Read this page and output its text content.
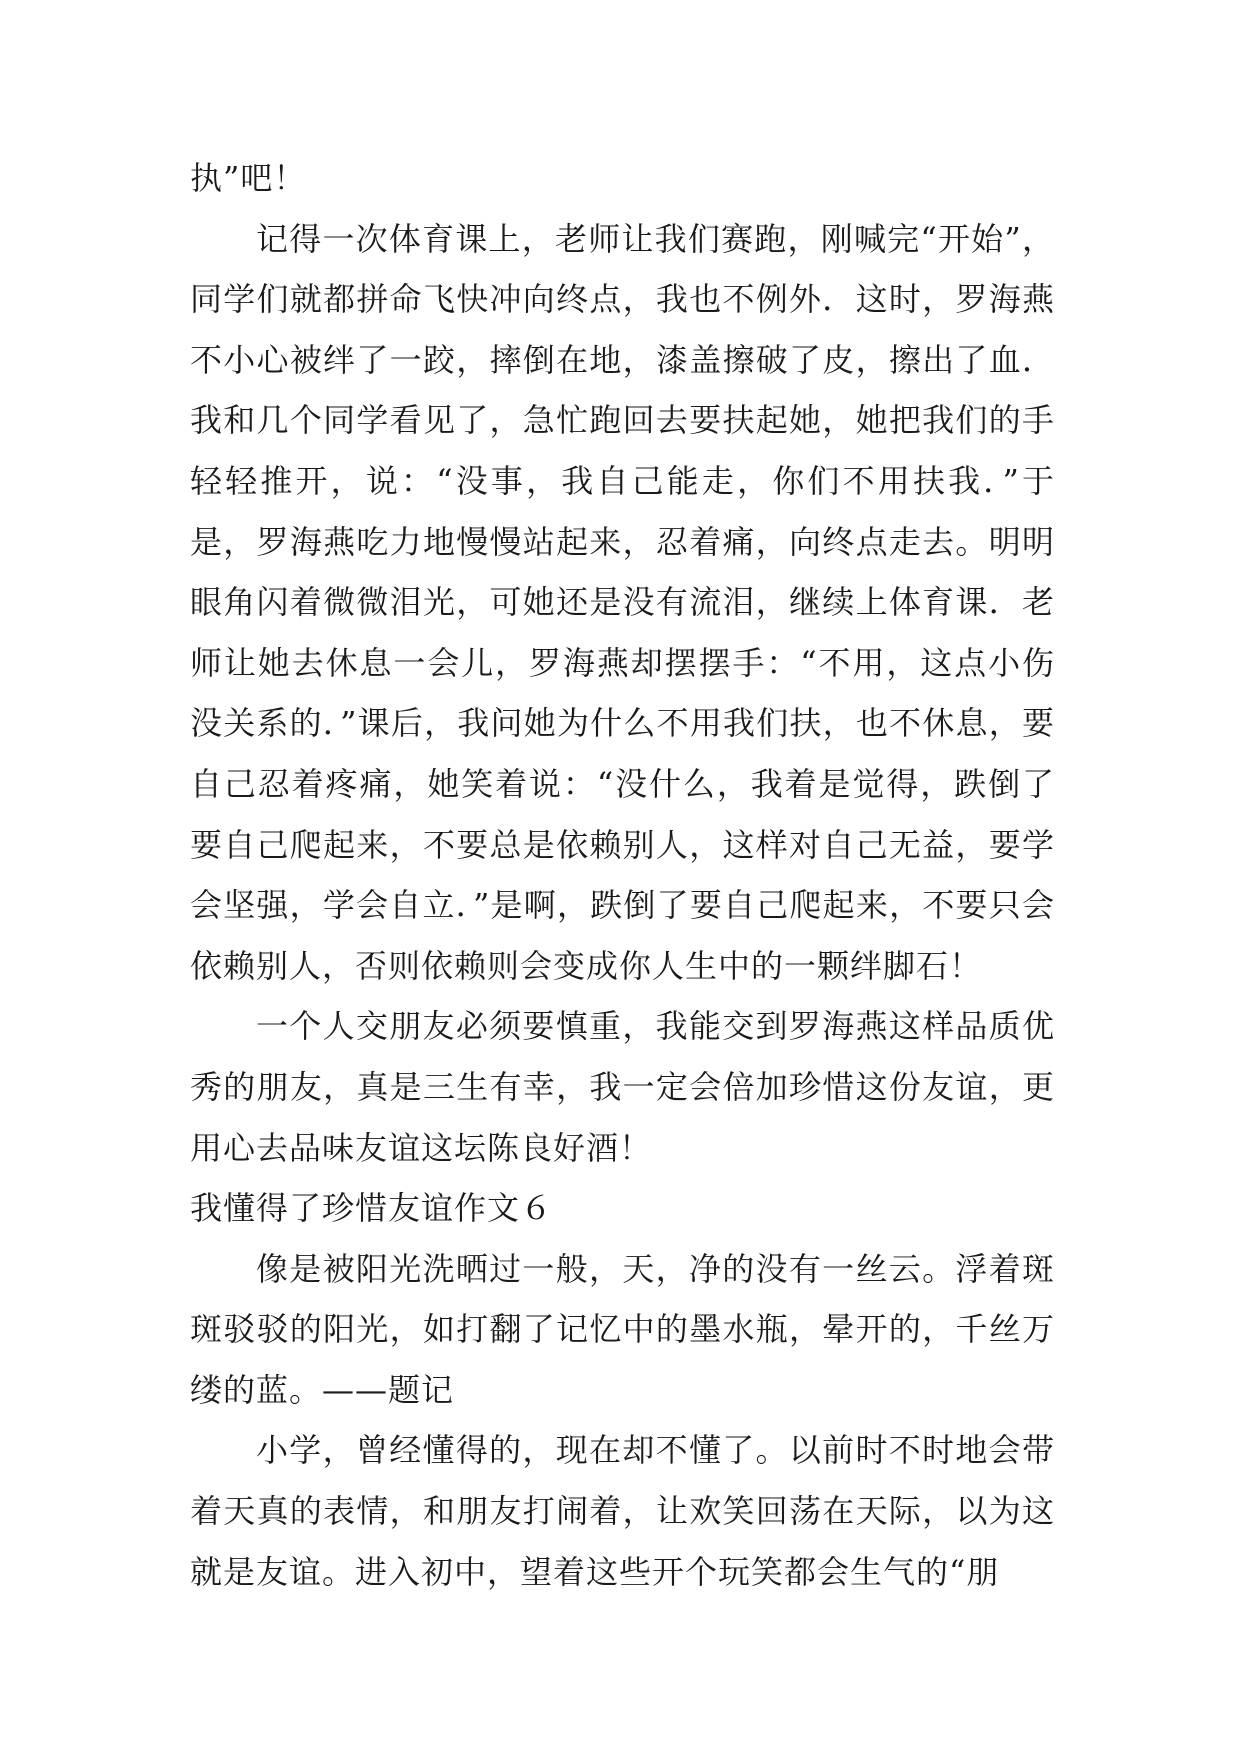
执”吧！

记得一次体育课上，老师让我们赛跑，刚喊完“开始”，同学们就都拼命飞快冲向终点，我也不例外．这时，罗海燕不小心被绊了一跤，摔倒在地，漆盖擦破了皮，擦出了血．我和几个同学看见了，急忙跑回去要扶起她，她把我们的手轻轻推开，说：“没事，我自己能走，你们不用扶我．”于是，罗海燕吃力地慢慢站起来，忍着痛，向终点走去。明明眼角闪着微微泪光，可她还是没有流泪，继续上体育课．老师让她去休息一会儿，罗海燕却摆摆手：“不用，这点小伤没关系的．”课后，我问她为什么不用我们扶，也不休息，要自己忍着疼痛，她笑着说：“没什么，我着是觉得，跌倒了要自己爬起来，不要总是依赖别人，这样对自己无益，要学会坚强，学会自立．”是啊，跌倒了要自己爬起来，不要只会依赖别人，否则依赖则会变成你人生中的一颗绊脚石！

一个人交朋友必须要慎重，我能交到罗海燕这样品质优秀的朋友，真是三生有幸，我一定会倍加珍惜这份友谊，更用心去品味友谊这坛陈良好酒！

我懂得了珍惜友谊作文６

像是被阳光洗晒过一般，天，净的没有一丝云。浮着斑斑驳驳的阳光，如打翻了记忆中的墨水瓶，晕开的，千丝万缕的蓝。——题记

小学，曾经懂得的，现在却不懂了。以前时不时地会带着天真的表情，和朋友打闹着，让欢笑回荡在天际，以为这就是友谊。进入初中，望着这些开个玩笑都会生气的“朋
